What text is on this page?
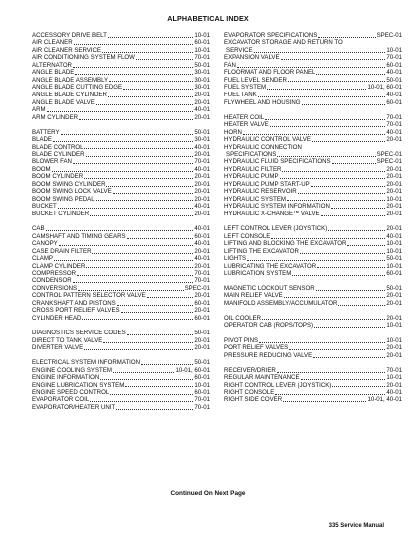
ALPHABETICAL INDEX
ACCESSORY DRIVE BELT	10-01
AIR CLEANER	60-01
AIR CLEANER SERVICE	10-01
AIR CONDITIONING SYSTEM FLOW	70-01
ALTERNATOR	50-01
ANGLE BLADE	30-01
ANGLE BLADE ASSEMBLY	30-01
ANGLE BLADE CUTTING EDGE	30-01
ANGLE BLADE CYLINDER	20-01
ANGLE BLADE VALVE	20-01
ARM	40-01
ARM CYLINDER	20-01
BATTERY	50-01
BLADE	30-01
BLADE CONTROL	40-01
BLADE CYLINDER	20-01
BLOWER FAN	70-01
BOOM	40-01
BOOM CYLINDER	20-01
BOOM SWING CYLINDER	20-01
BOOM SWING LOCK VALVE	20-01
BOOM SWING PEDAL	20-01
BUCKET	40-01
BUCKET CYLINDER	20-01
CAB	40-01
CAMSHAFT AND TIMING GEARS	60-01
CANOPY	40-01
CASE DRAIN FILTER	20-01
CLAMP	40-01
CLAMP CYLINDER	20-01
COMPRESSOR	70-01
CONDENSOR	70-01
CONVERSIONS	SPEC-01
CONTROL PATTERN SELECTOR VALVE	20-01
CRANKSHAFT AND PISTONS	60-01
CROSS PORT RELIEF VALVES	20-01
CYLINDER HEAD	60-01
DIAGNOSTICS SERVICE CODES	50-01
DIRECT TO TANK VALVE	20-01
DIVERTER VALVE	20-01
ELECTRICAL SYSTEM INFORMATION	50-01
ENGINE COOLING SYSTEM	10-01, 60-01
ENGINE INFORMATION	60-01
ENGINE LUBRICATION SYSTEM	10-01
ENGINE SPEED CONTROL	60-01
EVAPORATOR COIL	70-01
EVAPORATOR/HEATER UNIT	70-01
EVAPORATOR SPECIFICATIONS	SPEC-01
EXCAVATOR STORAGE AND RETURN TO
SERVICE	10-01
EXPANSION VALVE	70-01
FAN	60-01
FLOORMAT AND FLOOR PANEL	40-01
FUEL LEVEL SENDER	50-01
FUEL SYSTEM	10-01, 60-01
FUEL TANK	40-01
FLYWHEEL AND HOUSING	60-01
HEATER COIL	70-01
HEATER VALVE	70-01
HORN	40-01
HYDRAULIC CONTROL VALVE	20-01
HYDRAULIC CONNECTION
SPECIFICATIONS	SPEC-01
HYDRAULIC FLUID SPECIFICATIONS	SPEC-01
HYDRAULIC FILTER	20-01
HYDRAULIC PUMP	20-01
HYDRAULIC PUMP START-UP	20-01
HYDRAULIC RESERVOIR	20-01
HYDRAULIC SYSTEM	10-01
HYDRAULIC SYSTEM INFORMATION	20-01
HYDRAULIC X-CHANGE™ VALVE	20-01
LEFT CONTROL LEVER (JOYSTICK)	20-01
LEFT CONSOLE	40-01
LIFTING AND BLOCKING THE EXCAVATOR	10-01
LIFTING THE EXCAVATOR	10-01
LIGHTS	50-01
LUBRICATING THE EXCAVATOR	10-01
LUBRICATION SYSTEM	60-01
MAGNETIC LOCKOUT SENSOR	50-01
MAIN RELIEF VALVE	20-01
MANIFOLD ASSEMBLY/ACCUMULATOR	20-01
OIL COOLER	20-01
OPERATOR CAB (ROPS/TOPS)	10-01
PIVOT PINS	10-01
PORT RELIEF VALVES	20-01
PRESSURE REDUCING VALVE	20-01
RECEIVER/DRIER	70-01
REGULAR MAINTENANCE	10-01
RIGHT CONTROL LEVER (JOYSTICK)	20-01
RIGHT CONSOLE	40-01
RIGHT SIDE COVER	10-01, 40-01
Continued On Next Page
335 Service Manual
